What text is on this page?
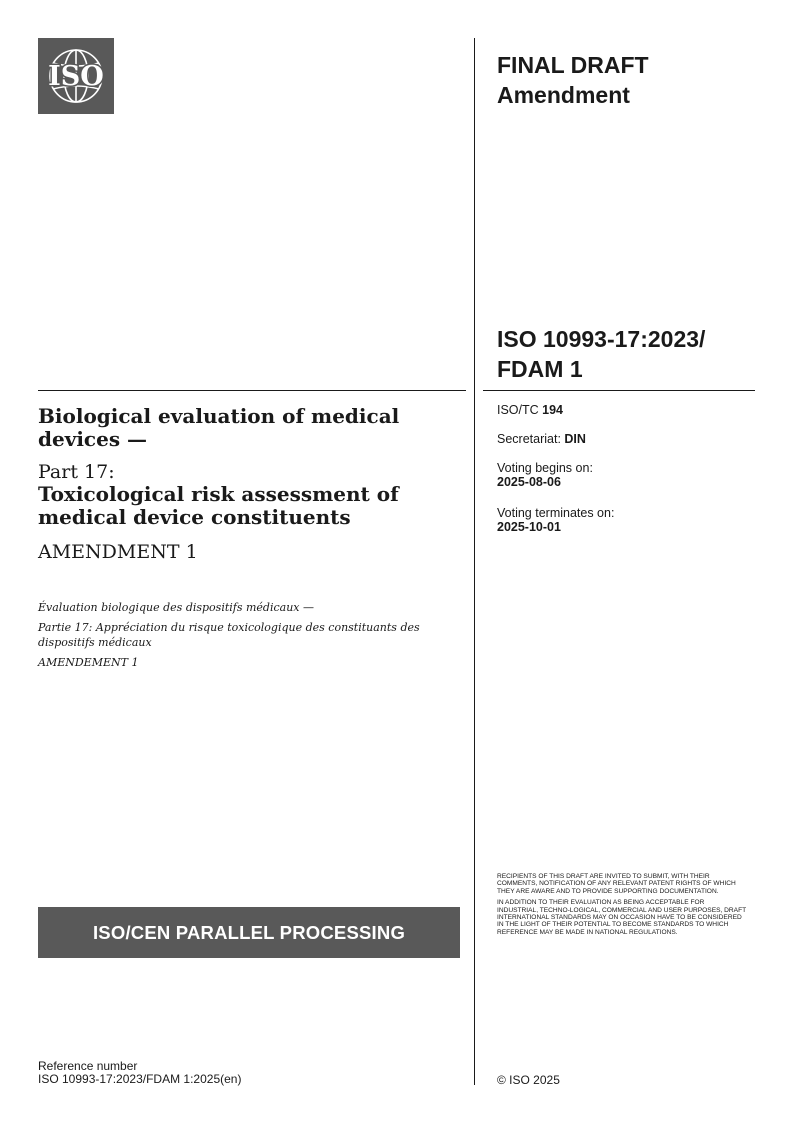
ISO	FINAL DRAFT
Amendment
ISO 10993-17:2023/
FDAM 1
ISO/TC 194
Secretariat: DIN
Voting begins on:
2025-08-06
Voting terminates on:
2025-10-01

Biological evaluation of medical devices —

Part 17:

Toxicological risk assessment of medical device constituents

AMENDMENT 1

Évaluation biologique des dispositifs médicaux —

Partie 17: Appréciation du risque toxicologique des constituants des dispositifs médicaux

AMENDEMENT 1

ISO/CEN PARALLEL PROCESSING

RECIPIENTS OF THIS DRAFT ARE INVITED TO SUBMIT, WITH THEIR COMMENTS, NOTIFICATION OF ANY RELEVANT PATENT RIGHTS OF WHICH THEY ARE AWARE AND TO PROVIDE SUPPORTING DOCUMENTATION.

IN ADDITION TO THEIR EVALUATION AS BEING ACCEPTABLE FOR INDUSTRIAL, TECHNO-LOGICAL, COMMERCIAL AND USER PURPOSES, DRAFT INTERNATIONAL STANDARDS MAY ON OCCASION HAVE TO BE CONSIDERED IN THE LIGHT OF THEIR POTENTIAL TO BECOME STANDARDS TO WHICH REFERENCE MAY BE MADE IN NATIONAL REGULATIONS.

Reference number
ISO 10993-17:2023/FDAM 1:2025(en)	© ISO 2025
